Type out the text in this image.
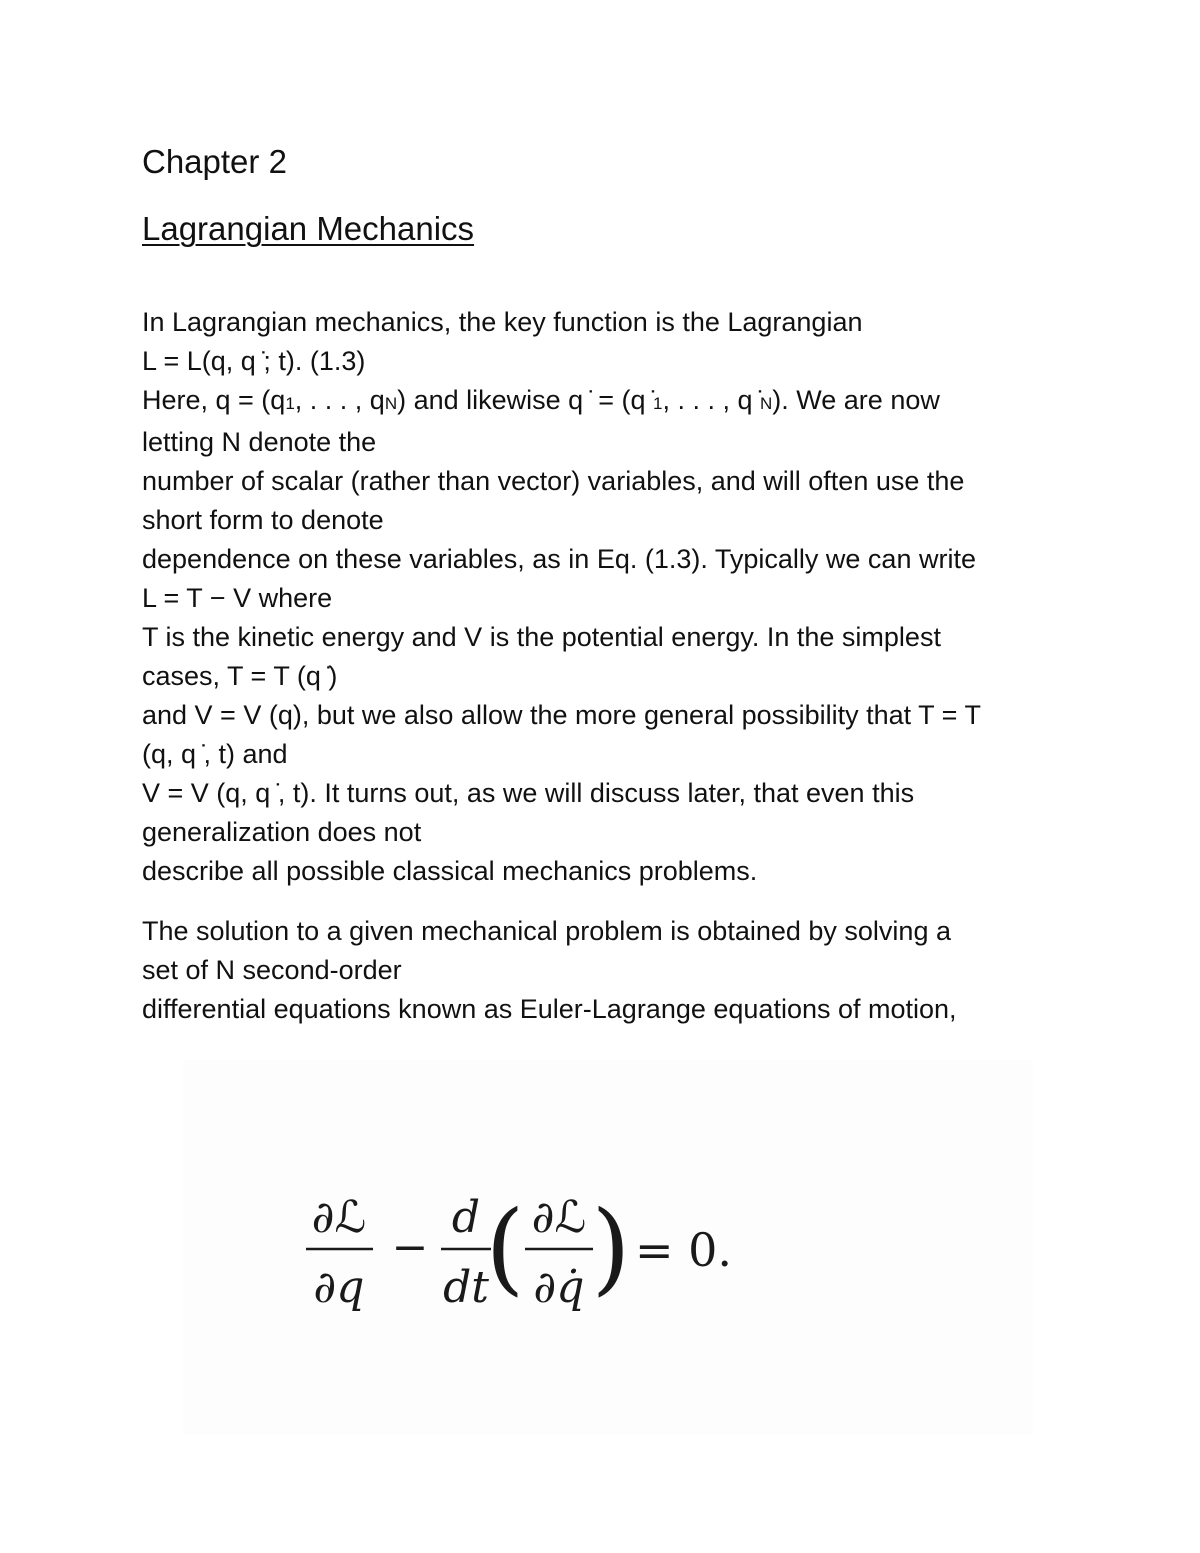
Chapter 2
Lagrangian Mechanics
In Lagrangian mechanics, the key function is the Lagrangian
L = L(q, q ̇; t). (1.3)
Here, q = (q1, . . . , qN) and likewise q ̇ = (q ̇1, . . . , q ̇N). We are now
letting N denote the
number of scalar (rather than vector) variables, and will often use the
short form to denote
dependence on these variables, as in Eq. (1.3). Typically we can write
L = T − V where
T is the kinetic energy and V is the potential energy. In the simplest
cases, T = T (q ̇)
and V = V (q), but we also allow the more general possibility that T = T
(q, q ̇, t) and
V = V (q, q ̇, t). It turns out, as we will discuss later, that even this
generalization does not
describe all possible classical mechanics problems.
The solution to a given mechanical problem is obtained by solving a
set of N second-order
differential equations known as Euler-Lagrange equations of motion,
∂ℒ
∂q
−
d
dt
( ∂ℒ
∂q̇ ) = 0.
